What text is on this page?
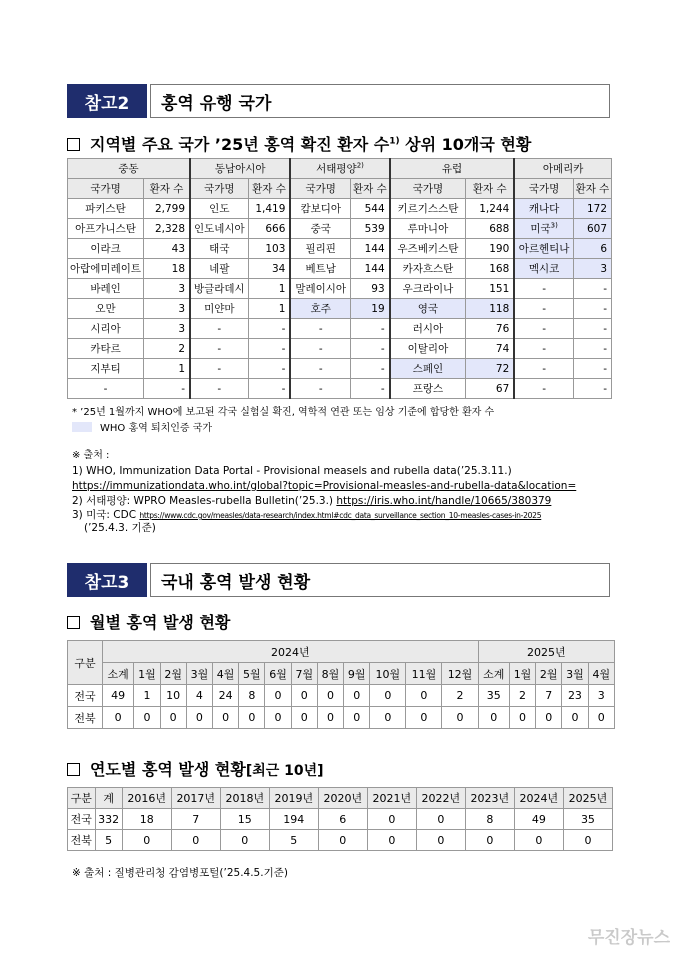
참고2	홍역 유행 국가
지역별 주요 국가 ’25년 홍역 확진 환자 수$^{1)}$ 상위 10개국 현황
중동		동남아시아		서태평양$^{2)}$		유럽		아메리카	
국가명	환자 수	국가명	환자 수	국가명	환자 수	국가명	환자 수	국가명	환자 수
파키스탄	2,799	인도	1,419	캄보디아	544	키르기스스탄	1,244	캐나다	172
아프가니스탄	2,328	인도네시아	666	중국	539	루마니아	688	미국$^{3)}$	607
이라크	43	태국	103	필리핀	144	우즈베키스탄	190	아르헨티나	6
아랍에미레이트	18	네팔	34	베트남	144	카자흐스탄	168	멕시코	3
바레인	3	방글라데시	1	말레이시아	93	우크라이나	151	-	-
오만	3	미얀마	1	호주	19	영국	118	-	-
시리아	3	-	-	-	-	러시아	76	-	-
카타르	2	-	-	-	-	이탈리아	74	-	-
지부티	1	-	-	-	-	스페인	72	-	-
-	-	-	-	-	-	프랑스	67	-	-
* ’25년 1월까지 WHO에 보고된 각국 실험실 확진, 역학적 연관 또는 임상 기준에 합당한 환자 수
WHO 홍역 퇴치인증 국가
※ 출처 :
1) WHO, Immunization Data Portal - Provisional measels and rubella data(’25.3.11.)
https://immunizationdata.who.int/global?topic=Provisional-measles-and-rubella-data&location=
2) 서태평양: WPRO Measles-rubella Bulletin(’25.3.) https://iris.who.int/handle/10665/380379
3) 미국: CDC https://www.cdc.gov/measles/data-research/index.html#cdc_data_surveillance_section_10-measles-cases-in-2025
(’25.4.3. 기준)
참고3	국내 홍역 발생 현황
월별 홍역 발생 현황
구분	2024년													2025년				
	소계	1월	2월	3월	4월	5월	6월	7월	8월	9월	10월	11월	12월	소계	1월	2월	3월	4월
전국	49	1	10	4	24	8	0	0	0	0	0	0	2	35	2	7	23	3
전북	0	0	0	0	0	0	0	0	0	0	0	0	0	0	0	0	0	0
연도별 홍역 발생 현황[최근 10년]
구분	계	2016년	2017년	2018년	2019년	2020년	2021년	2022년	2023년	2024년	2025년
전국	332	18	7	15	194	6	0	0	8	49	35
전북	5	0	0	0	5	0	0	0	0	0	0
※ 출처 : 질병관리청 감염병포털(’25.4.5.기준)
무진장뉴스
